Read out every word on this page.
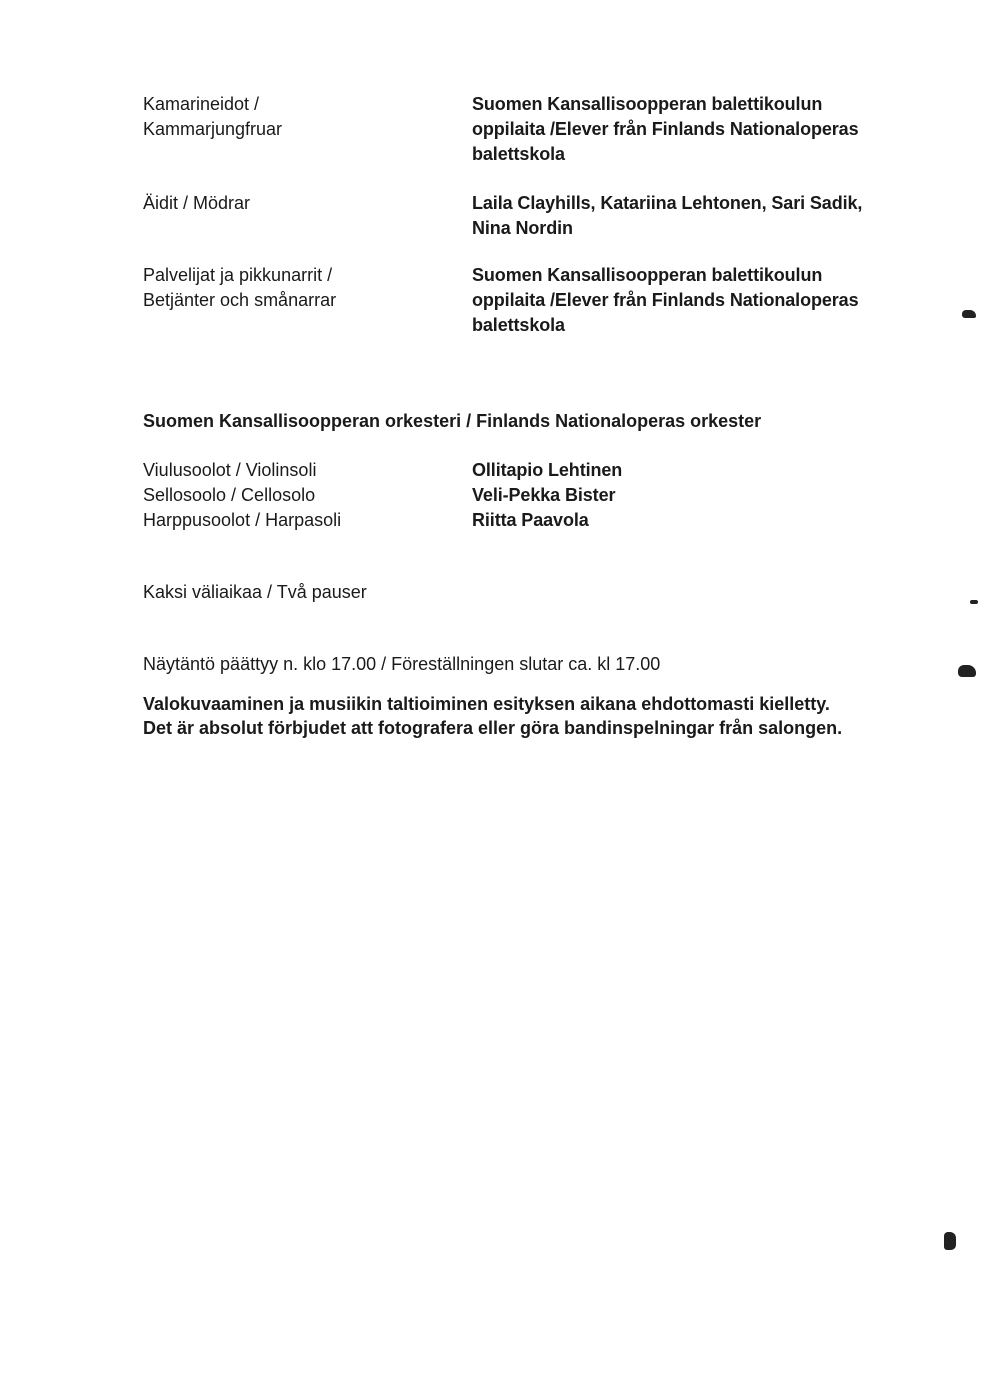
Kamarineidot /
Kammarjungfruar
Suomen Kansallisoopperan balettikoulun
oppilaita /Elever från Finlands Nationaloperas
balettskola
Äidit / Mödrar	Laila Clayhills, Katariina Lehtonen, Sari Sadik,
Nina Nordin
Palvelijat ja pikkunarrit /
Betjänter och smånarrar
Suomen Kansallisoopperan balettikoulun
oppilaita /Elever från Finlands Nationaloperas
balettskola
Suomen Kansallisoopperan orkesteri / Finlands Nationaloperas orkester
Viulusoolot / Violinsoli
Sellosoolo / Cellosolo
Harppusoolot / Harpasoli
Ollitapio Lehtinen
Veli-Pekka Bister
Riitta Paavola
Kaksi väliaikaa / Två pauser
Näytäntö päättyy n. klo 17.00 / Föreställningen slutar ca. kl 17.00
Valokuvaaminen ja musiikin taltioiminen esityksen aikana ehdottomasti kielletty.
Det är absolut förbjudet att fotografera eller göra bandinspelningar från salongen.
